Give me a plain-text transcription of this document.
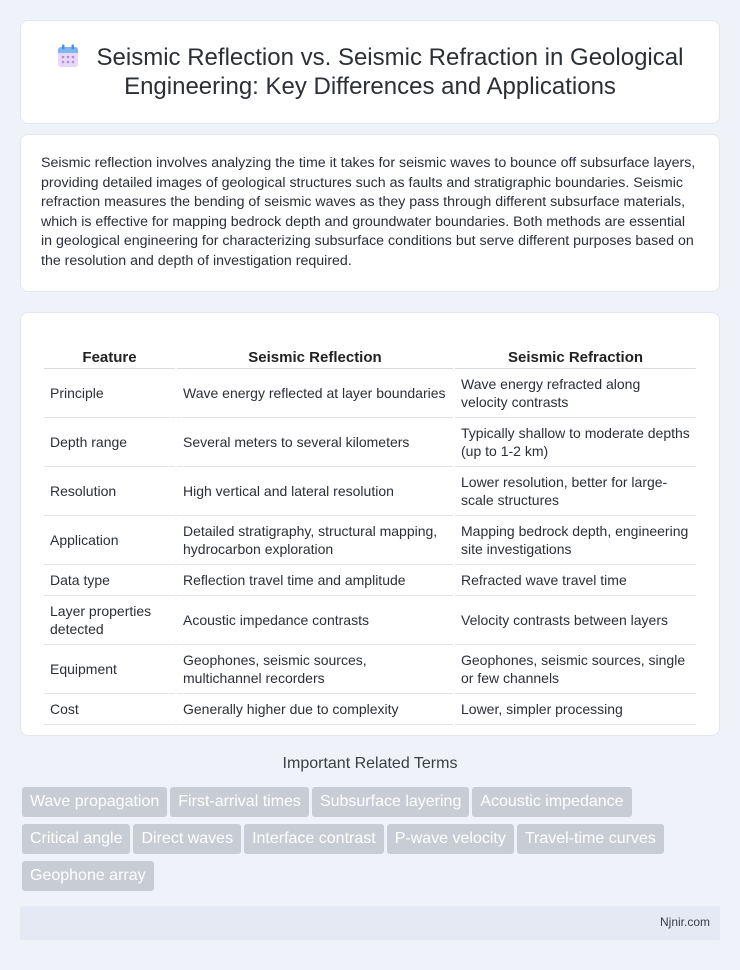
Seismic Reflection vs. Seismic Refraction in Geological Engineering: Key Differences and Applications

Seismic reflection involves analyzing the time it takes for seismic waves to bounce off subsurface layers, providing detailed images of geological structures such as faults and stratigraphic boundaries. Seismic refraction measures the bending of seismic waves as they pass through different subsurface materials, which is effective for mapping bedrock depth and groundwater boundaries. Both methods are essential in geological engineering for characterizing subsurface conditions but serve different purposes based on the resolution and depth of investigation required.

Feature	Seismic Reflection	Seismic Refraction
Principle	Wave energy reflected at layer boundaries	Wave energy refracted along velocity contrasts
Depth range	Several meters to several kilometers	Typically shallow to moderate depths (up to 1-2 km)
Resolution	High vertical and lateral resolution	Lower resolution, better for large-scale structures
Application	Detailed stratigraphy, structural mapping, hydrocarbon exploration	Mapping bedrock depth, engineering site investigations
Data type	Reflection travel time and amplitude	Refracted wave travel time
Layer properties detected	Acoustic impedance contrasts	Velocity contrasts between layers
Equipment	Geophones, seismic sources, multichannel recorders	Geophones, seismic sources, single or few channels
Cost	Generally higher due to complexity	Lower, simpler processing
Important Related Terms
Wave propagation First-arrival times Subsurface layering Acoustic impedance
Critical angle Direct waves Interface contrast P-wave velocity Travel-time curves
Geophone array
Njnir.com
